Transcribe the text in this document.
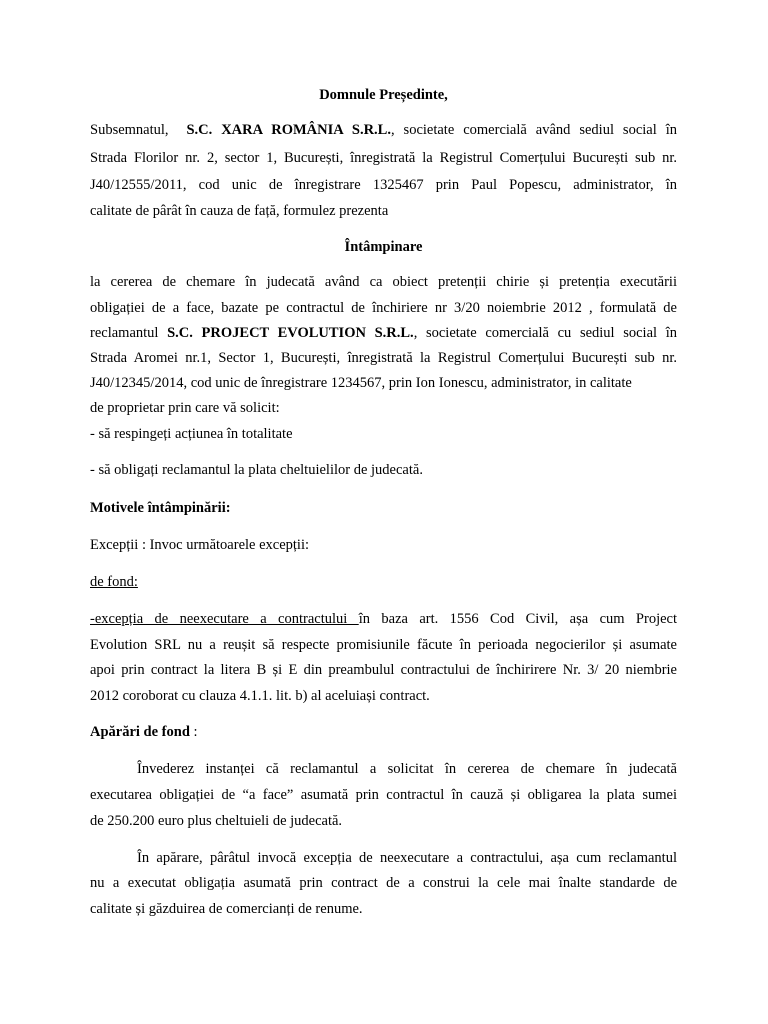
Domnule Președinte,
Subsemnatul, S.C. XARA ROMÂNIA S.R.L., societate comercială având sediul social în
Strada Florilor nr. 2, sector 1, București, înregistrată la Registrul Comerțului București sub nr.
J40/12555/2011, cod unic de înregistrare 1325467 prin Paul Popescu, administrator, în
calitate de pârât în cauza de față, formulez prezenta
Întâmpinare
la cererea de chemare în judecată având ca obiect pretenții chirie și pretenția executării
obligației de a face, bazate pe contractul de închiriere nr 3/20 noiembrie 2012 , formulată de
reclamantul S.C. PROJECT EVOLUTION S.R.L., societate comercială cu sediul social în
Strada Aromei nr.1, Sector 1, București, înregistrată la Registrul Comerțului București sub nr.
J40/12345/2014, cod unic de înregistrare 1234567, prin Ion Ionescu, administrator, in calitate
de proprietar prin care vă solicit:
- să respingeți acțiunea în totalitate
- să obligați reclamantul la plata cheltuielilor de judecată.
Motivele întâmpinării:
Excepții : Invoc următoarele excepții:
de fond:
-excepția de neexecutare a contractului în baza art. 1556 Cod Civil, așa cum Project
Evolution SRL nu a reușit să respecte promisiunile făcute în perioada negocierilor și asumate
apoi prin contract la litera B și E din preambulul contractului de închirirere Nr. 3/ 20 niembrie
2012 coroborat cu clauza 4.1.1. lit. b) al aceluiași contract.
Apărări de fond :
Învederez instanței că reclamantul a solicitat în cererea de chemare în judecată
executarea obligației de “a face” asumată prin contractul în cauză și obligarea la plata sumei
de 250.200 euro plus cheltuieli de judecată.
În apărare, pârâtul invocă excepția de neexecutare a contractului, așa cum reclamantul
nu a executat obligația asumată prin contract de a construi la cele mai înalte standarde de
calitate și găzduirea de comercianți de renume.
